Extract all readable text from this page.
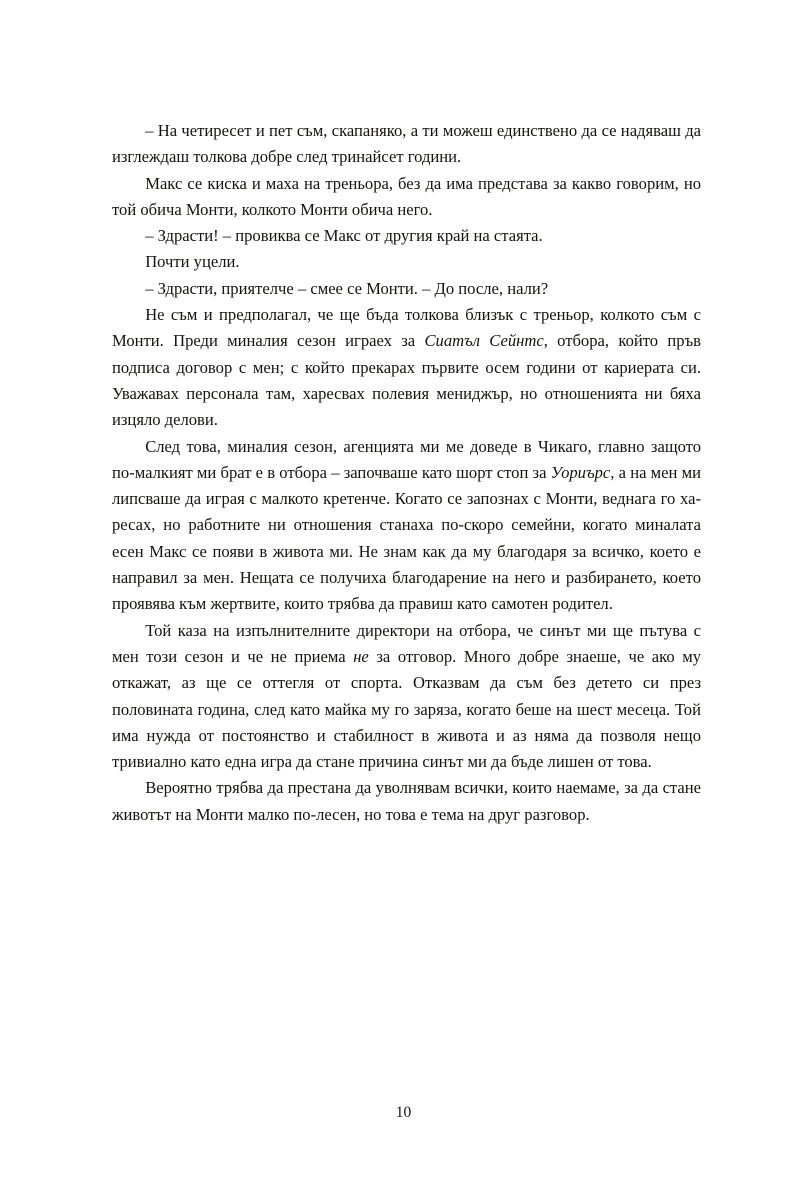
– На четиресет и пет съм, скапаняко, а ти можеш единствено да се надяваш да изглеждаш толкова добре след тринайсет години.

Макс се киска и маха на треньора, без да има представа за какво говорим, но той обича Монти, колкото Монти обича него.

– Здрасти! – провиква се Макс от другия край на стаята.

Почти уцели.

– Здрасти, приятелче – смее се Монти. – До после, нали?

Не съм и предполагал, че ще бъда толкова близък с треньор, колкото съм с Монти. Преди миналия сезон играех за Сиатъл Сейнтс, отбора, който пръв подписа договор с мен; с който прекарах първите осем години от кариерата си. Уважавах персонала там, харесвах полевия мениджър, но отношенията ни бяха изцяло делови.

След това, миналия сезон, агенцията ми ме доведе в Чикаго, главно защото по-малкият ми брат е в отбора – започваше като шорт стоп за Уориърс, а на мен ми липсваше да играя с малкото кретенче. Когато се запознах с Монти, веднага го харесах, но работните ни отношения станаха по-скоро семейни, когато миналата есен Макс се появи в живота ми. Не знам как да му благодаря за всичко, което е направил за мен. Нещата се получиха благодарение на него и разбирането, което проявява към жертвите, които трябва да правиш като самотен родител.

Той каза на изпълнителните директори на отбора, че синът ми ще пътува с мен този сезон и че не приема не за отговор. Много добре знаеше, че ако му откажат, аз ще се оттегля от спорта. Отказвам да съм без детето си през половината година, след като майка му го заряза, когато беше на шест месеца. Той има нужда от постоянство и стабилност в живота и аз няма да позволя нещо тривиално като една игра да стане причина синът ми да бъде лишен от това.

Вероятно трябва да престана да уволнявам всички, които наемаме, за да стане животът на Монти малко по-лесен, но това е тема на друг разговор.

10
